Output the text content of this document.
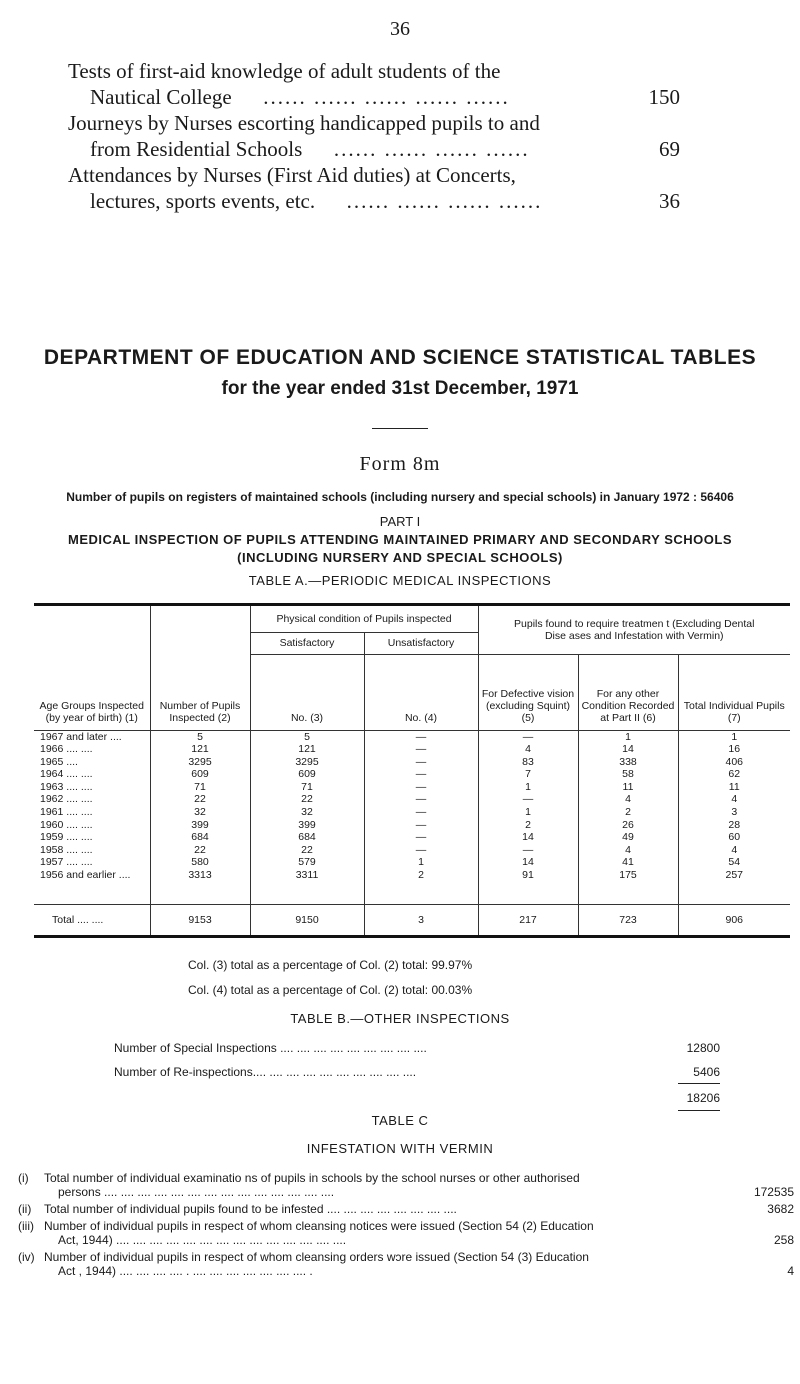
36
Tests of first-aid knowledge of adult students of the
Nautical College ...... ...... ...... ...... ......	150
Journeys by Nurses escorting handicapped pupils to and
from Residential Schools ...... ...... ...... ......	69
Attendances by Nurses (First Aid duties) at Concerts,
lectures, sports events, etc. ...... ...... ...... ......	36
DEPARTMENT OF EDUCATION AND SCIENCE STATISTICAL TABLES
for the year ended 31st December, 1971
Form 8m
Number of pupils on registers of maintained schools (including nursery and special schools) in January 1972 : 56406
PART I
MEDICAL INSPECTION OF PUPILS ATTENDING MAINTAINED PRIMARY AND SECONDARY SCHOOLS
(INCLUDING NURSERY AND SPECIAL SCHOOLS)
TABLE A.—PERIODIC MEDICAL INSPECTIONS
Age Groups Inspected (by year of birth) (1)	Number of Pupils Inspected (2)	Physical condition of Pupils inspected		Pupils found to require treatmen t (Excluding Dental Dise ases and Infestation with Vermin)		
		Satisfactory	Unsatisfactory			
		No. (3)	No. (4)	For Defective vision (excluding Squint) (5)	For any other Condition Recorded at Part II (6)	Total Individual Pupils (7)
1967 and later ....	5	5	—	—	1	1
1966 .... ....	121	121	—	4	14	16
1965 ....	3295	3295	—	83	338	406
1964 .... ....	609	609	—	7	58	62
1963 .... ....	71	71	—	1	11	11
1962 .... ....	22	22	—	—	4	4
1961 .... ....	32	32	—	1	2	3
1960 .... ....	399	399	—	2	26	28
1959 .... ....	684	684	—	14	49	60
1958 .... ....	22	22	—	—	4	4
1957 .... ....	580	579	1	14	41	54
1956 and earlier ....	3313	3311	2	91	175	257

Total .... ....	9153	9150	3	217	723	906
Col. (3) total as a percentage of Col. (2) total: 99.97%
Col. (4) total as a percentage of Col. (2) total: 00.03%
TABLE B.—OTHER INSPECTIONS
Number of Special Inspections .... .... .... .... .... .... .... .... ....	12800
Number of Re-inspections.... .... .... .... .... .... .... .... .... ....	5406
18206
TABLE C
INFESTATION WITH VERMIN
(i) Total number of individual examinatio ns of pupils in schools by the school nurses or other authorised
persons .... .... .... .... .... .... .... .... .... .... .... .... .... ....	172535
(ii) Total number of individual pupils found to be infested .... .... .... .... .... .... .... ....	3682
(iii) Number of individual pupils in respect of whom cleansing notices were issued (Section 54 (2) Education
Act, 1944) .... .... .... .... .... .... .... .... .... .... .... .... .... ....	258
(iv) Number of individual pupils in respect of whom cleansing orders wɔre issued (Section 54 (3) Education
Act , 1944) .... .... .... .... . .... .... .... .... .... .... .... .	4
